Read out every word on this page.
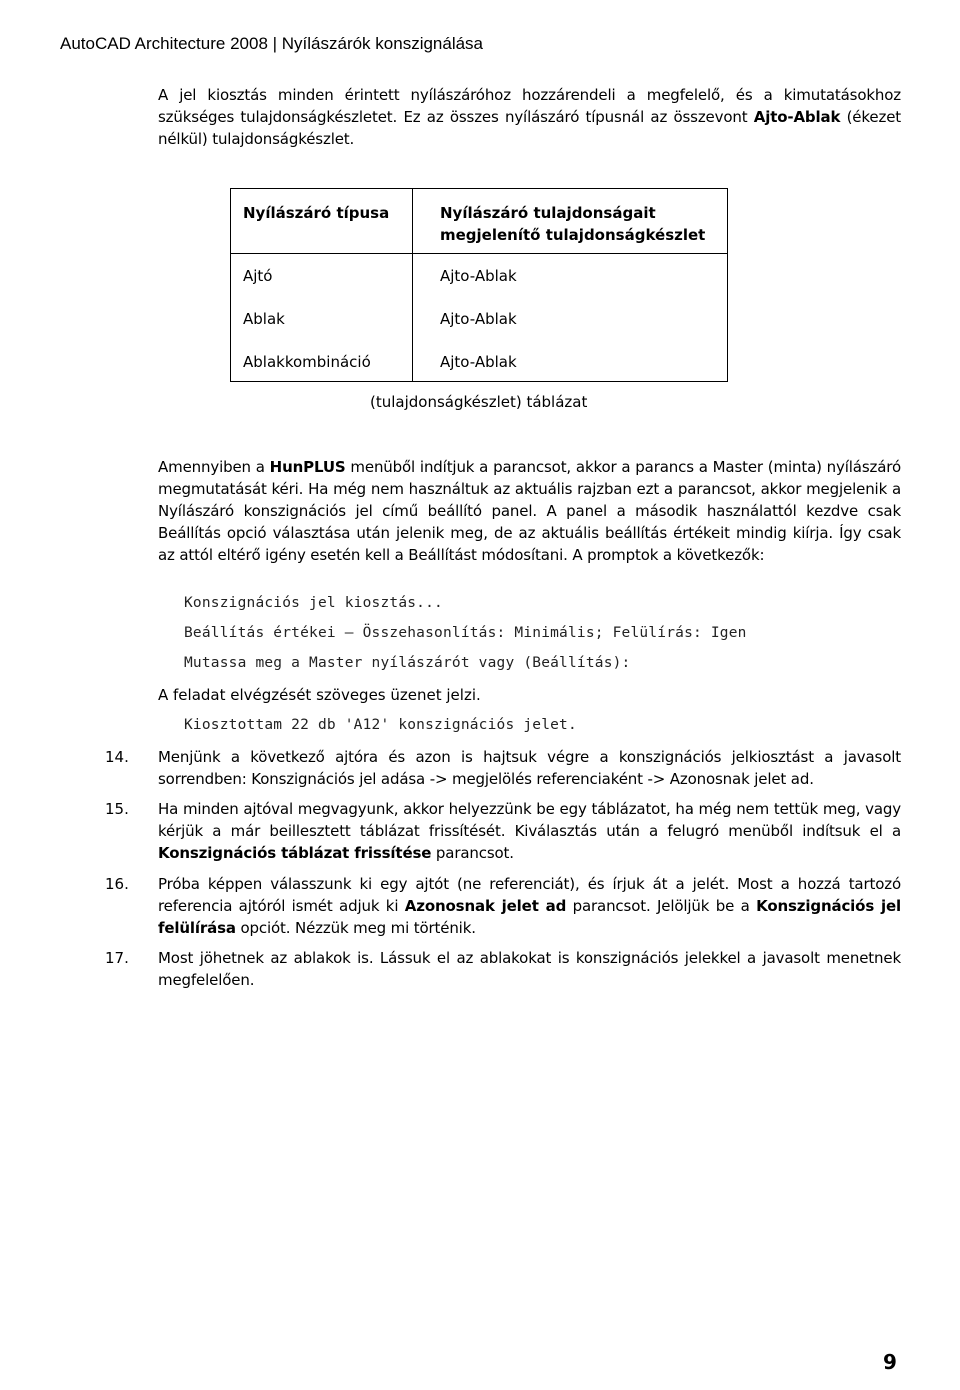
AutoCAD Architecture 2008 | Nyílászárók konszignálása
A jel kiosztás minden érintett nyílászáróhoz hozzárendeli a megfelelő, és a kimutatásokhoz szükséges tulajdonságkészletet. Ez az összes nyílászáró típusnál az összevont Ajto-Ablak (ékezet nélkül) tulajdonságkészlet.
Nyílászáró típusa	Nyílászáró tulajdonságait megjelenítő tulajdonságkészlet
Ajtó	Ajto-Ablak
Ablak	Ajto-Ablak
Ablakkombináció	Ajto-Ablak
(tulajdonságkészlet) táblázat
Amennyiben a HunPLUS menüből indítjuk a parancsot, akkor a parancs a Master (minta) nyílászáró megmutatását kéri. Ha még nem használtuk az aktuális rajzban ezt a parancsot, akkor megjelenik a Nyílászáró konszignációs jel című beállító panel. A panel a második használattól kezdve csak Beállítás opció választása után jelenik meg, de az aktuális beállítás értékeit mindig kiírja. Így csak az attól eltérő igény esetén kell a Beállítást módosítani. A promptok a következők:
Konszignációs jel kiosztás...
Beállítás értékei – Összehasonlítás: Minimális; Felülírás: Igen
Mutassa meg a Master nyílászárót vagy (Beállítás):
A feladat elvégzését szöveges üzenet jelzi.
Kiosztottam 22 db 'A12' konszignációs jelet.
14. Menjünk a következő ajtóra és azon is hajtsuk végre a konszignációs jelkiosztást a javasolt sorrendben: Konszignációs jel adása -> megjelölés referenciaként -> Azonosnak jelet ad.
15. Ha minden ajtóval megvagyunk, akkor helyezzünk be egy táblázatot, ha még nem tettük meg, vagy kérjük a már beillesztett táblázat frissítését. Kiválasztás után a felugró menüből indítsuk el a Konszignációs táblázat frissítése parancsot.
16. Próba képpen válasszunk ki egy ajtót (ne referenciát), és írjuk át a jelét. Most a hozzá tartozó referencia ajtóról ismét adjuk ki Azonosnak jelet ad parancsot. Jelöljük be a Konszignációs jel felülírása opciót. Nézzük meg mi történik.
17. Most jöhetnek az ablakok is. Lássuk el az ablakokat is konszignációs jelekkel a javasolt menetnek megfelelően.
9
